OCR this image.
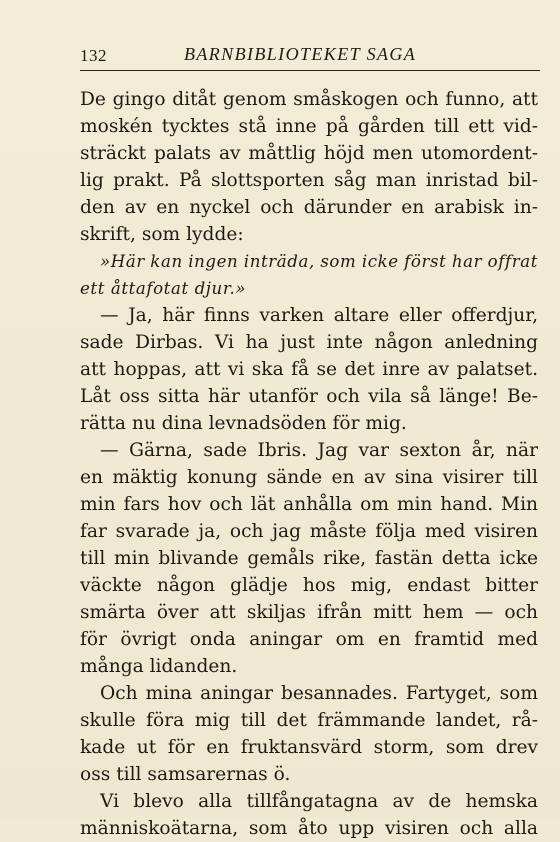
132	BARNBIBLIOTEKET SAGA
De gingo ditåt genom småskogen och funno, att
moskén tycktes stå inne på gården till ett vid-
sträckt palats av måttlig höjd men utomordent-
lig prakt. På slottsporten såg man inristad bil-
den av en nyckel och därunder en arabisk in-
skrift, som lydde:
»Här kan ingen inträda, som icke först har offrat
ett åttafotat djur.»
— Ja, här finns varken altare eller offerdjur,
sade Dirbas. Vi ha just inte någon anledning
att hoppas, att vi ska få se det inre av palatset.
Låt oss sitta här utanför och vila så länge! Be-
rätta nu dina levnadsöden för mig.
— Gärna, sade Ibris. Jag var sexton år, när
en mäktig konung sände en av sina visirer till
min fars hov och lät anhålla om min hand. Min
far svarade ja, och jag måste följa med visiren
till min blivande gemåls rike, fastän detta icke
väckte någon glädje hos mig, endast bitter
smärta över att skiljas ifrån mitt hem — och
för övrigt onda aningar om en framtid med
många lidanden.
Och mina aningar besannades. Fartyget, som
skulle föra mig till det främmande landet, rå-
kade ut för en fruktansvärd storm, som drev
oss till samsarernas ö.
Vi blevo alla tillfångatagna av de hemska
människoätarna, som åto upp visiren och alla
